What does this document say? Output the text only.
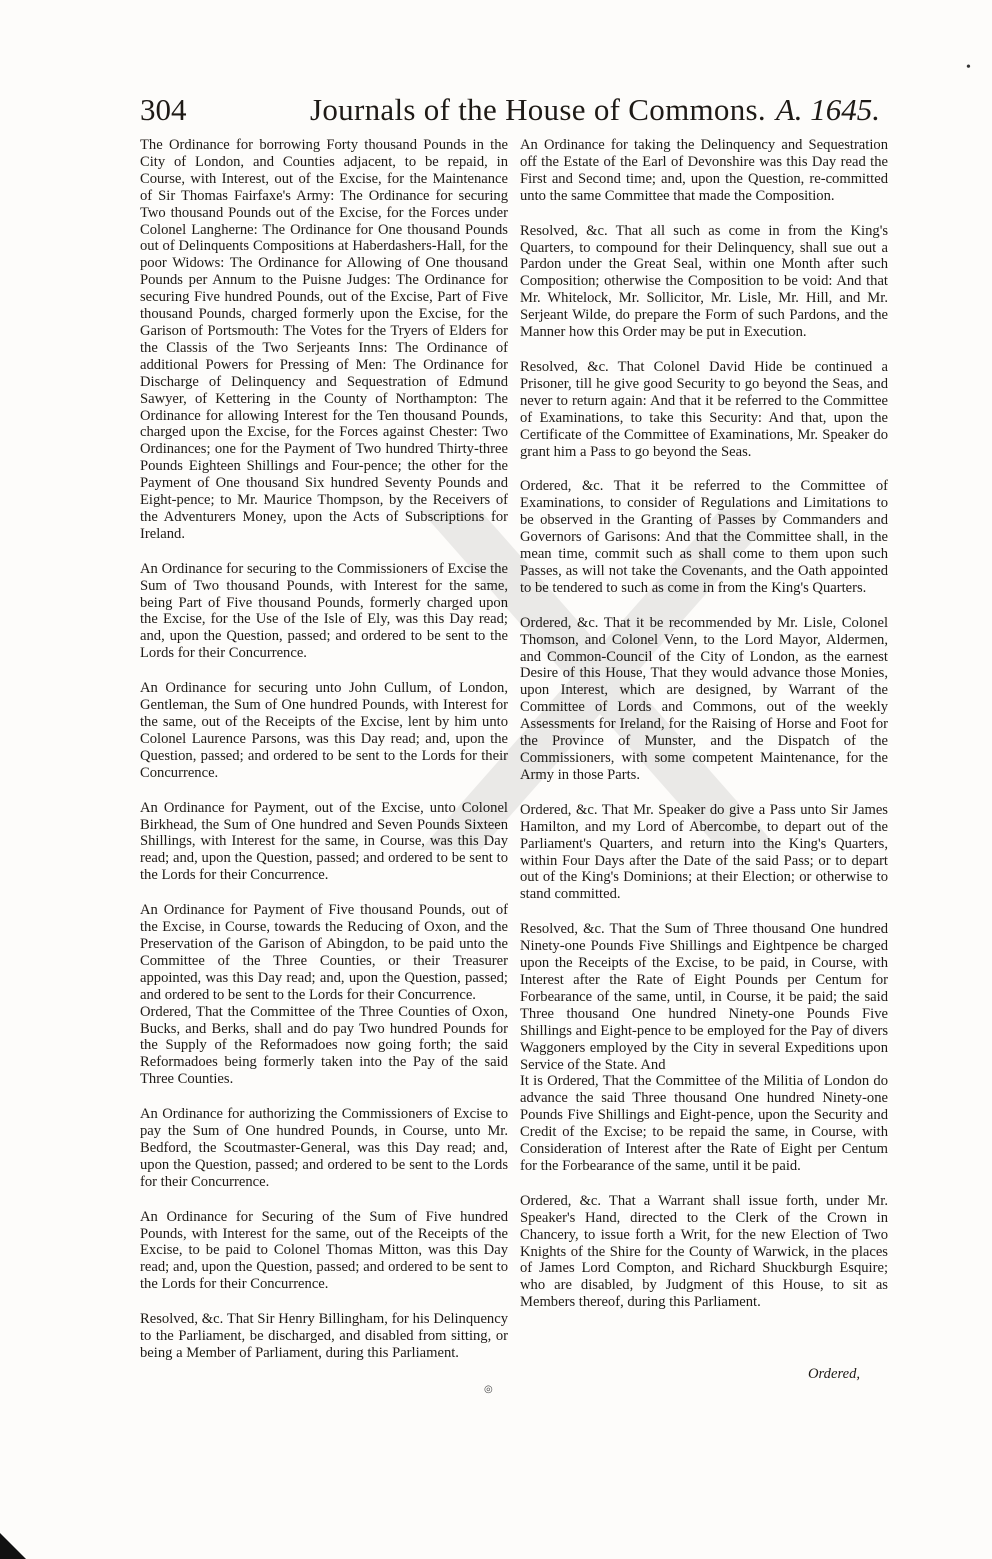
•
304	Journals of the House of Commons. A. 1645.

The Ordinance for borrowing Forty thousand Pounds in the City of London, and Counties adjacent, to be repaid, in Course, with Interest, out of the Excise, for the Maintenance of Sir Thomas Fairfaxe's Army: The Ordinance for securing Two thousand Pounds out of the Excise, for the Forces under Colonel Langherne: The Ordinance for One thousand Pounds out of Delinquents Compositions at Haberdashers-Hall, for the poor Widows: The Ordinance for Allowing of One thousand Pounds per Annum to the Puisne Judges: The Ordinance for securing Five hundred Pounds, out of the Excise, Part of Five thousand Pounds, charged formerly upon the Excise, for the Garison of Portsmouth: The Votes for the Tryers of Elders for the Classis of the Two Serjeants Inns: The Ordinance of additional Powers for Pressing of Men: The Ordinance for Discharge of Delinquency and Sequestration of Edmund Sawyer, of Kettering in the County of Northampton: The Ordinance for allowing Interest for the Ten thousand Pounds, charged upon the Excise, for the Forces against Chester: Two Ordinances; one for the Payment of Two hundred Thirty-three Pounds Eighteen Shillings and Four-pence; the other for the Payment of One thousand Six hundred Seventy Pounds and Eight-pence; to Mr. Maurice Thompson, by the Receivers of the Adventurers Money, upon the Acts of Subscriptions for Ireland.

An Ordinance for securing to the Commissioners of Excise the Sum of Two thousand Pounds, with Interest for the same, being Part of Five thousand Pounds, formerly charged upon the Excise, for the Use of the Isle of Ely, was this Day read; and, upon the Question, passed; and ordered to be sent to the Lords for their Concurrence.

An Ordinance for securing unto John Cullum, of London, Gentleman, the Sum of One hundred Pounds, with Interest for the same, out of the Receipts of the Excise, lent by him unto Colonel Laurence Parsons, was this Day read; and, upon the Question, passed; and ordered to be sent to the Lords for their Concurrence.

An Ordinance for Payment, out of the Excise, unto Colonel Birkhead, the Sum of One hundred and Seven Pounds Sixteen Shillings, with Interest for the same, in Course, was this Day read; and, upon the Question, passed; and ordered to be sent to the Lords for their Concurrence.

An Ordinance for Payment of Five thousand Pounds, out of the Excise, in Course, towards the Reducing of Oxon, and the Preservation of the Garison of Abingdon, to be paid unto the Committee of the Three Counties, or their Treasurer appointed, was this Day read; and, upon the Question, passed; and ordered to be sent to the Lords for their Concurrence.

Ordered, That the Committee of the Three Counties of Oxon, Bucks, and Berks, shall and do pay Two hundred Pounds for the Supply of the Reformadoes now going forth; the said Reformadoes being formerly taken into the Pay of the said Three Counties.

An Ordinance for authorizing the Commissioners of Excise to pay the Sum of One hundred Pounds, in Course, unto Mr. Bedford, the Scoutmaster-General, was this Day read; and, upon the Question, passed; and ordered to be sent to the Lords for their Concurrence.

An Ordinance for Securing of the Sum of Five hundred Pounds, with Interest for the same, out of the Receipts of the Excise, to be paid to Colonel Thomas Mitton, was this Day read; and, upon the Question, passed; and ordered to be sent to the Lords for their Concurrence.

Resolved, &c. That Sir Henry Billingham, for his Delinquency to the Parliament, be discharged, and disabled from sitting, or being a Member of Parliament, during this Parliament.

An Ordinance for taking the Delinquency and Sequestration off the Estate of the Earl of Devonshire was this Day read the First and Second time; and, upon the Question, re-committed unto the same Committee that made the Composition.

Resolved, &c. That all such as come in from the King's Quarters, to compound for their Delinquency, shall sue out a Pardon under the Great Seal, within one Month after such Composition; otherwise the Composition to be void: And that Mr. Whitelock, Mr. Sollicitor, Mr. Lisle, Mr. Hill, and Mr. Serjeant Wilde, do prepare the Form of such Pardons, and the Manner how this Order may be put in Execution.

Resolved, &c. That Colonel David Hide be continued a Prisoner, till he give good Security to go beyond the Seas, and never to return again: And that it be referred to the Committee of Examinations, to take this Security: And that, upon the Certificate of the Committee of Examinations, Mr. Speaker do grant him a Pass to go beyond the Seas.

Ordered, &c. That it be referred to the Committee of Examinations, to consider of Regulations and Limitations to be observed in the Granting of Passes by Commanders and Governors of Garisons: And that the Committee shall, in the mean time, commit such as shall come to them upon such Passes, as will not take the Covenants, and the Oath appointed to be tendered to such as come in from the King's Quarters.

Ordered, &c. That it be recommended by Mr. Lisle, Colonel Thomson, and Colonel Venn, to the Lord Mayor, Aldermen, and Common-Council of the City of London, as the earnest Desire of this House, That they would advance those Monies, upon Interest, which are designed, by Warrant of the Committee of Lords and Commons, out of the weekly Assessments for Ireland, for the Raising of Horse and Foot for the Province of Munster, and the Dispatch of the Commissioners, with some competent Maintenance, for the Army in those Parts.

Ordered, &c. That Mr. Speaker do give a Pass unto Sir James Hamilton, and my Lord of Abercombe, to depart out of the Parliament's Quarters, and return into the King's Quarters, within Four Days after the Date of the said Pass; or to depart out of the King's Dominions; at their Election; or otherwise to stand committed.

Resolved, &c. That the Sum of Three thousand One hundred Ninety-one Pounds Five Shillings and Eightpence be charged upon the Receipts of the Excise, to be paid, in Course, with Interest after the Rate of Eight Pounds per Centum for Forbearance of the same, until, in Course, it be paid; the said Three thousand One hundred Ninety-one Pounds Five Shillings and Eight-pence to be employed for the Pay of divers Waggoners employed by the City in several Expeditions upon Service of the State. And

It is Ordered, That the Committee of the Militia of London do advance the said Three thousand One hundred Ninety-one Pounds Five Shillings and Eight-pence, upon the Security and Credit of the Excise; to be repaid the same, in Course, with Consideration of Interest after the Rate of Eight per Centum for the Forbearance of the same, until it be paid.

Ordered, &c. That a Warrant shall issue forth, under Mr. Speaker's Hand, directed to the Clerk of the Crown in Chancery, to issue forth a Writ, for the new Election of Two Knights of the Shire for the County of Warwick, in the places of James Lord Compton, and Richard Shuckburgh Esquire; who are disabled, by Judgment of this House, to sit as Members thereof, during this Parliament.

Ordered,
◎
